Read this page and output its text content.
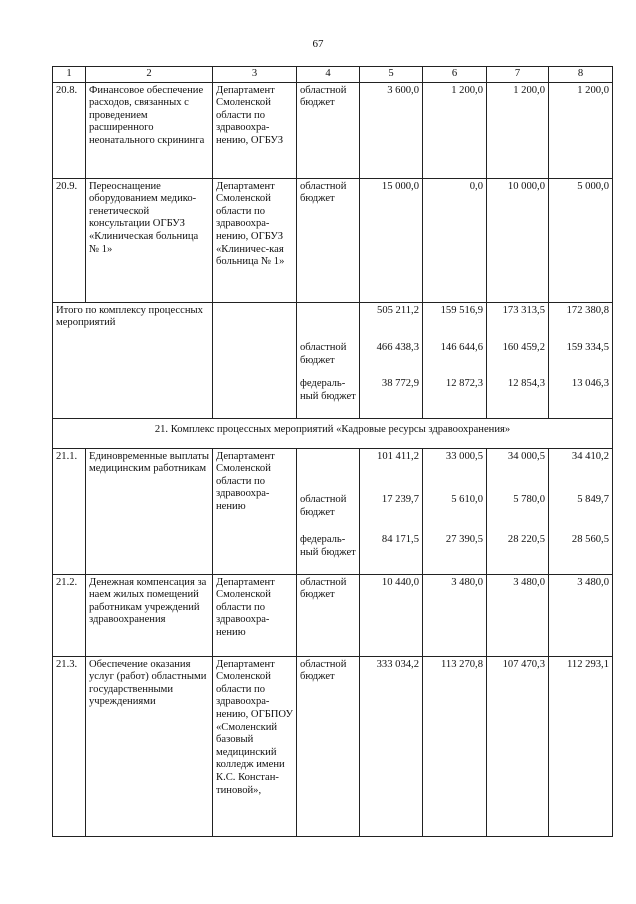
67
1	2	3	4	5	6	7	8
20.8.	Финансовое обеспечение расходов, связанных с проведением расширенного неонатального скрининга	Департамент Смоленской области по здравоохра-нению, ОГБУЗ	областной бюджет	3 600,0	1 200,0	1 200,0	1 200,0
20.9.	Переоснащение оборудованием медико-генетической консультации ОГБУЗ «Клиническая больница № 1»	Департамент Смоленской области по здравоохра-нению, ОГБУЗ «Клиничес-кая больница № 1»	областной бюджет	15 000,0	0,0	10 000,0	5 000,0
Итого по комплексу процессных мероприятий				505 211,2	159 516,9	173 313,5	172 380,8
			областной бюджет	466 438,3	146 644,6	160 459,2	159 334,5
			федераль-ный бюджет	38 772,9	12 872,3	12 854,3	13 046,3
21. Комплекс процессных мероприятий «Кадровые ресурсы здравоохранения»							
21.1.	Единовременные выплаты медицинским работникам	Департамент Смоленской области по здравоохра-нению		101 411,2	33 000,5	34 000,5	34 410,2
			областной бюджет	17 239,7	5 610,0	5 780,0	5 849,7
			федераль-ный бюджет	84 171,5	27 390,5	28 220,5	28 560,5
21.2.	Денежная компенсация за наем жилых помещений работникам учреждений здравоохранения	Департамент Смоленской области по здравоохра-нению	областной бюджет	10 440,0	3 480,0	3 480,0	3 480,0
21.3.	Обеспечение оказания услуг (работ) областными государственными учреждениями	Департамент Смоленской области по здравоохра-нению, ОГБПОУ «Смоленский базовый медицинский колледж имени К.С. Констан-тиновой»,	областной бюджет	333 034,2	113 270,8	107 470,3	112 293,1
